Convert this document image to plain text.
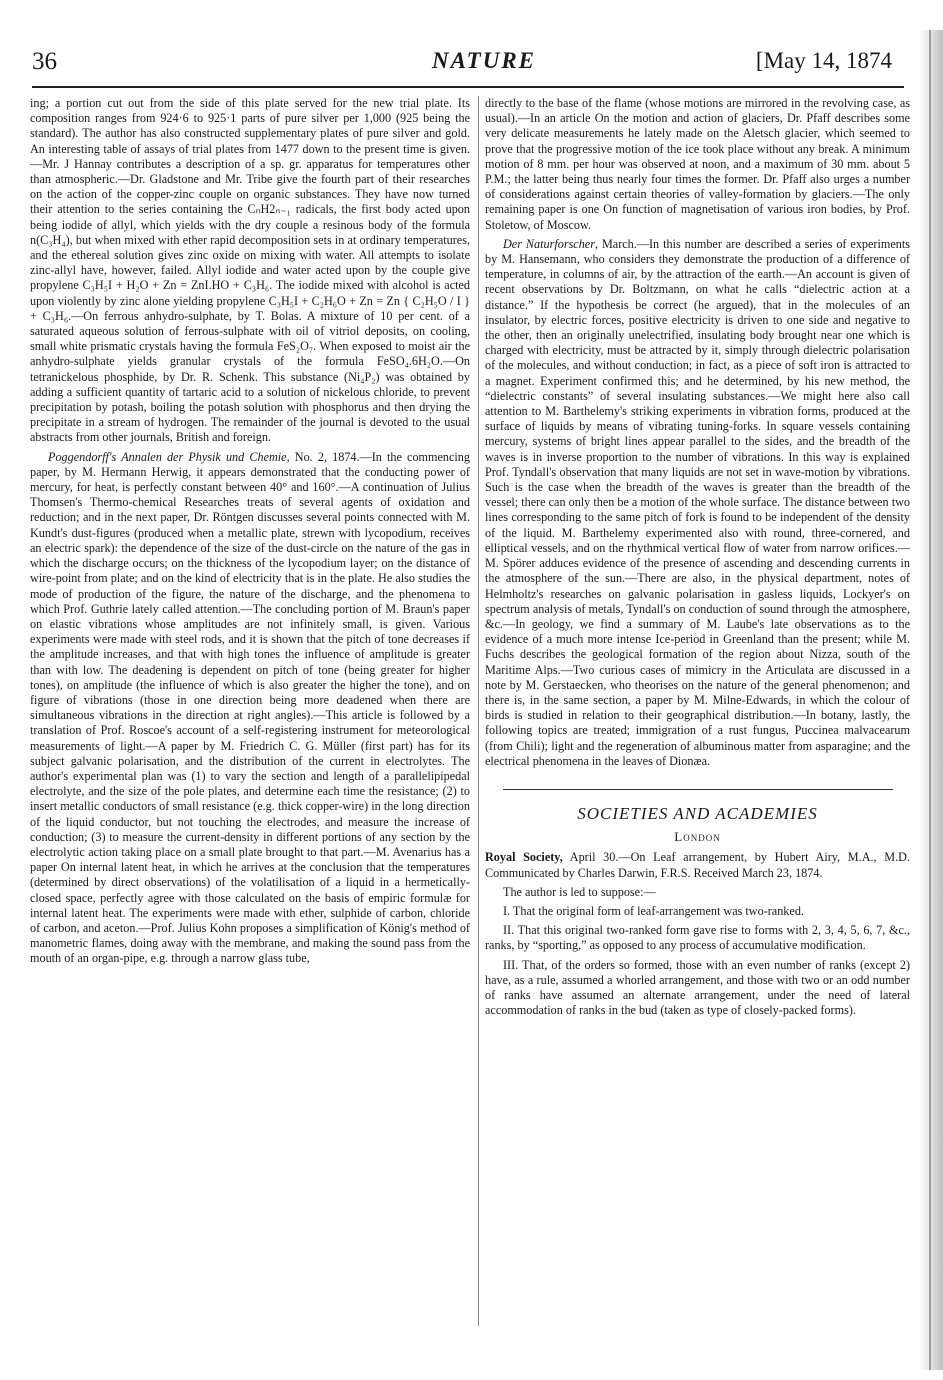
36	NATURE	[May 14, 1874

ing; a portion cut out from the side of this plate served for the new trial plate. Its composition ranges from 924·6 to 925·1 parts of pure silver per 1,000 (925 being the standard). The author has also constructed supplementary plates of pure silver and gold. An interesting table of assays of trial plates from 1477 down to the present time is given.—Mr. J Hannay contributes a description of a sp. gr. apparatus for temperatures other than atmospheric.—Dr. Gladstone and Mr. Tribe give the fourth part of their researches on the action of the copper-zinc couple on organic substances. They have now turned their attention to the series containing the CₙH2ₙ₋₁ radicals, the first body acted upon being iodide of allyl, which yields with the dry couple a resinous body of the formula n(C₃H₄), but when mixed with ether rapid decomposition sets in at ordinary temperatures, and the ethereal solution gives zinc oxide on mixing with water. All attempts to isolate zinc-allyl have, however, failed. Allyl iodide and water acted upon by the couple give propylene C₃H₅I + H₂O + Zn = ZnI.HO + C₃H₆. The iodide mixed with alcohol is acted upon violently by zinc alone yielding propylene C₃H₅I + C₂H₆O + Zn = Zn { C₂H₅O / I } + C₃H₆.—On ferrous anhydro-sulphate, by T. Bolas. A mixture of 10 per cent. of a saturated aqueous solution of ferrous-sulphate with oil of vitriol deposits, on cooling, small white prismatic crystals having the formula FeS₂O₇. When exposed to moist air the anhydro-sulphate yields granular crystals of the formula FeSO₄.6H₂O.—On tetranickelous phosphide, by Dr. R. Schenk. This substance (Ni₄P₂) was obtained by adding a sufficient quantity of tartaric acid to a solution of nickelous chloride, to prevent precipitation by potash, boiling the potash solution with phosphorus and then drying the precipitate in a stream of hydrogen. The remainder of the journal is devoted to the usual abstracts from other journals, British and foreign.

Poggendorff's Annalen der Physik und Chemie, No. 2, 1874.—In the commencing paper, by M. Hermann Herwig, it appears demonstrated that the conducting power of mercury, for heat, is perfectly constant between 40° and 160°.—A continuation of Julius Thomsen's Thermo-chemical Researches treats of several agents of oxidation and reduction; and in the next paper, Dr. Röntgen discusses several points connected with M. Kundt's dust-figures (produced when a metallic plate, strewn with lycopodium, receives an electric spark): the dependence of the size of the dust-circle on the nature of the gas in which the discharge occurs; on the thickness of the lycopodium layer; on the distance of wire-point from plate; and on the kind of electricity that is in the plate. He also studies the mode of production of the figure, the nature of the discharge, and the phenomena to which Prof. Guthrie lately called attention.—The concluding portion of M. Braun's paper on elastic vibrations whose amplitudes are not infinitely small, is given. Various experiments were made with steel rods, and it is shown that the pitch of tone decreases if the amplitude increases, and that with high tones the influence of amplitude is greater than with low. The deadening is dependent on pitch of tone (being greater for higher tones), on amplitude (the influence of which is also greater the higher the tone), and on figure of vibrations (those in one direction being more deadened when there are simultaneous vibrations in the direction at right angles).—This article is followed by a translation of Prof. Roscoe's account of a self-registering instrument for meteorological measurements of light.—A paper by M. Friedrich C. G. Müller (first part) has for its subject galvanic polarisation, and the distribution of the current in electrolytes. The author's experimental plan was (1) to vary the section and length of a parallelipipedal electrolyte, and the size of the pole plates, and determine each time the resistance; (2) to insert metallic conductors of small resistance (e.g. thick copper-wire) in the long direction of the liquid conductor, but not touching the electrodes, and measure the increase of conduction; (3) to measure the current-density in different portions of any section by the electrolytic action taking place on a small plate brought to that part.—M. Avenarius has a paper On internal latent heat, in which he arrives at the conclusion that the temperatures (determined by direct observations) of the volatilisation of a liquid in a hermetically-closed space, perfectly agree with those calculated on the basis of empiric formulæ for internal latent heat. The experiments were made with ether, sulphide of carbon, chloride of carbon, and aceton.—Prof. Julius Kohn proposes a simplification of König's method of manometric flames, doing away with the membrane, and making the sound pass from the mouth of an organ-pipe, e.g. through a narrow glass tube,

directly to the base of the flame (whose motions are mirrored in the revolving case, as usual).—In an article On the motion and action of glaciers, Dr. Pfaff describes some very delicate measurements he lately made on the Aletsch glacier, which seemed to prove that the progressive motion of the ice took place without any break. A minimum motion of 8 mm. per hour was observed at noon, and a maximum of 30 mm. about 5 P.M.; the latter being thus nearly four times the former. Dr. Pfaff also urges a number of considerations against certain theories of valley-formation by glaciers.—The only remaining paper is one On function of magnetisation of various iron bodies, by Prof. Stoletow, of Moscow.

Der Naturforscher, March.—In this number are described a series of experiments by M. Hansemann, who considers they demonstrate the production of a difference of temperature, in columns of air, by the attraction of the earth.—An account is given of recent observations by Dr. Boltzmann, on what he calls “dielectric action at a distance.” If the hypothesis be correct (he argued), that in the molecules of an insulator, by electric forces, positive electricity is driven to one side and negative to the other, then an originally unelectrified, insulating body brought near one which is charged with electricity, must be attracted by it, simply through dielectric polarisation of the molecules, and without conduction; in fact, as a piece of soft iron is attracted to a magnet. Experiment confirmed this; and he determined, by his new method, the “dielectric constants” of several insulating substances.—We might here also call attention to M. Barthelemy's striking experiments in vibration forms, produced at the surface of liquids by means of vibrating tuning-forks. In square vessels containing mercury, systems of bright lines appear parallel to the sides, and the breadth of the waves is in inverse proportion to the number of vibrations. In this way is explained Prof. Tyndall's observation that many liquids are not set in wave-motion by vibrations. Such is the case when the breadth of the waves is greater than the breadth of the vessel; there can only then be a motion of the whole surface. The distance between two lines corresponding to the same pitch of fork is found to be independent of the density of the liquid. M. Barthelemy experimented also with round, three-cornered, and elliptical vessels, and on the rhythmical vertical flow of water from narrow orifices.—M. Spörer adduces evidence of the presence of ascending and descending currents in the atmosphere of the sun.—There are also, in the physical department, notes of Helmholtz's researches on galvanic polarisation in gasless liquids, Lockyer's on spectrum analysis of metals, Tyndall's on conduction of sound through the atmosphere, &c.—In geology, we find a summary of M. Laube's late observations as to the evidence of a much more intense Ice-period in Greenland than the present; while M. Fuchs describes the geological formation of the region about Nizza, south of the Maritime Alps.—Two curious cases of mimicry in the Articulata are discussed in a note by M. Gerstaecken, who theorises on the nature of the general phenomenon; and there is, in the same section, a paper by M. Milne-Edwards, in which the colour of birds is studied in relation to their geographical distribution.—In botany, lastly, the following topics are treated; immigration of a rust fungus, Puccinea malvacearum (from Chili); light and the regeneration of albuminous matter from asparagine; and the electrical phenomena in the leaves of Dionæa.

SOCIETIES AND ACADEMIES
London

Royal Society, April 30.—On Leaf arrangement, by Hubert Airy, M.A., M.D. Communicated by Charles Darwin, F.R.S. Received March 23, 1874.

The author is led to suppose:—

I. That the original form of leaf-arrangement was two-ranked.

II. That this original two-ranked form gave rise to forms with 2, 3, 4, 5, 6, 7, &c., ranks, by “sporting,” as opposed to any process of accumulative modification.

III. That, of the orders so formed, those with an even number of ranks (except 2) have, as a rule, assumed a whorled arrangement, and those with two or an odd number of ranks have assumed an alternate arrangement, under the need of lateral accommodation of ranks in the bud (taken as type of closely-packed forms).
